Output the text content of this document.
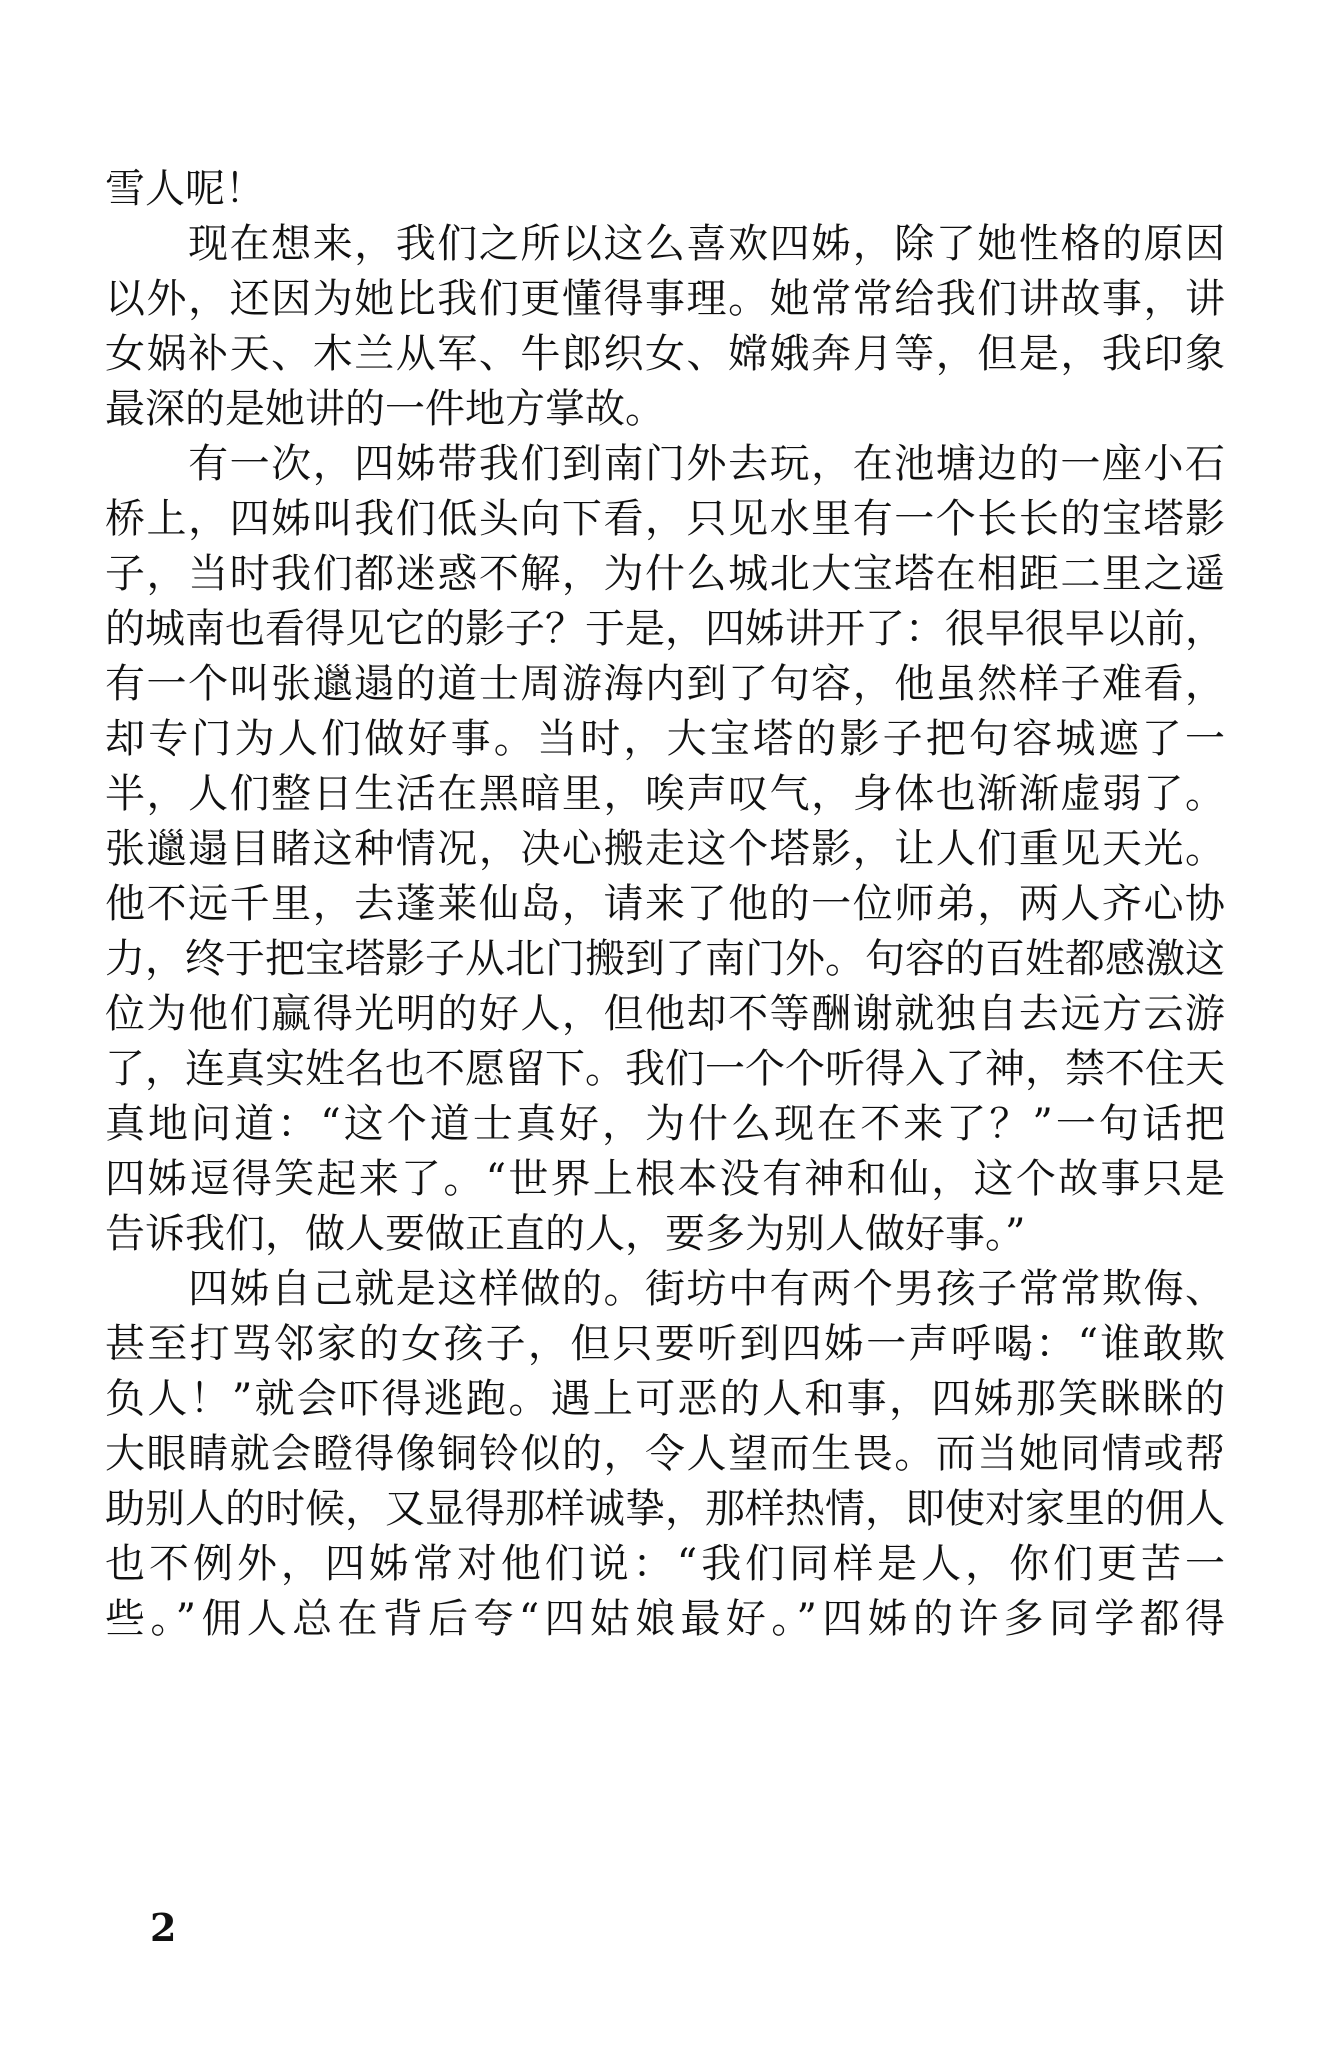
雪人呢！
　　现在想来，我们之所以这么喜欢四姊，除了她性格的原因
以外，还因为她比我们更懂得事理。她常常给我们讲故事，讲
女娲补天、木兰从军、牛郎织女、嫦娥奔月等，但是，我印象
最深的是她讲的一件地方掌故。
　　有一次，四姊带我们到南门外去玩，在池塘边的一座小石
桥上，四姊叫我们低头向下看，只见水里有一个长长的宝塔影
子，当时我们都迷惑不解，为什么城北大宝塔在相距二里之遥
的城南也看得见它的影子？于是，四姊讲开了：很早很早以前，
有一个叫张邋遢的道士周游海内到了句容，他虽然样子难看，
却专门为人们做好事。当时，大宝塔的影子把句容城遮了一
半，人们整日生活在黑暗里，唉声叹气，身体也渐渐虚弱了。
张邋遢目睹这种情况，决心搬走这个塔影，让人们重见天光。
他不远千里，去蓬莱仙岛，请来了他的一位师弟，两人齐心协
力，终于把宝塔影子从北门搬到了南门外。句容的百姓都感激这
位为他们赢得光明的好人，但他却不等酬谢就独自去远方云游
了，连真实姓名也不愿留下。我们一个个听得入了神，禁不住天
真地问道：“这个道士真好，为什么现在不来了？”一句话把
四姊逗得笑起来了。“世界上根本没有神和仙，这个故事只是
告诉我们，做人要做正直的人，要多为别人做好事。”
　　四姊自己就是这样做的。街坊中有两个男孩子常常欺侮、
甚至打骂邻家的女孩子，但只要听到四姊一声呼喝：“谁敢欺
负人！”就会吓得逃跑。遇上可恶的人和事，四姊那笑眯眯的
大眼睛就会瞪得像铜铃似的，令人望而生畏。而当她同情或帮
助别人的时候，又显得那样诚挚，那样热情，即使对家里的佣人
也不例外，四姊常对他们说：“我们同样是人，你们更苦一
些。”佣人总在背后夸“四姑娘最好。”四姊的许多同学都得
2
